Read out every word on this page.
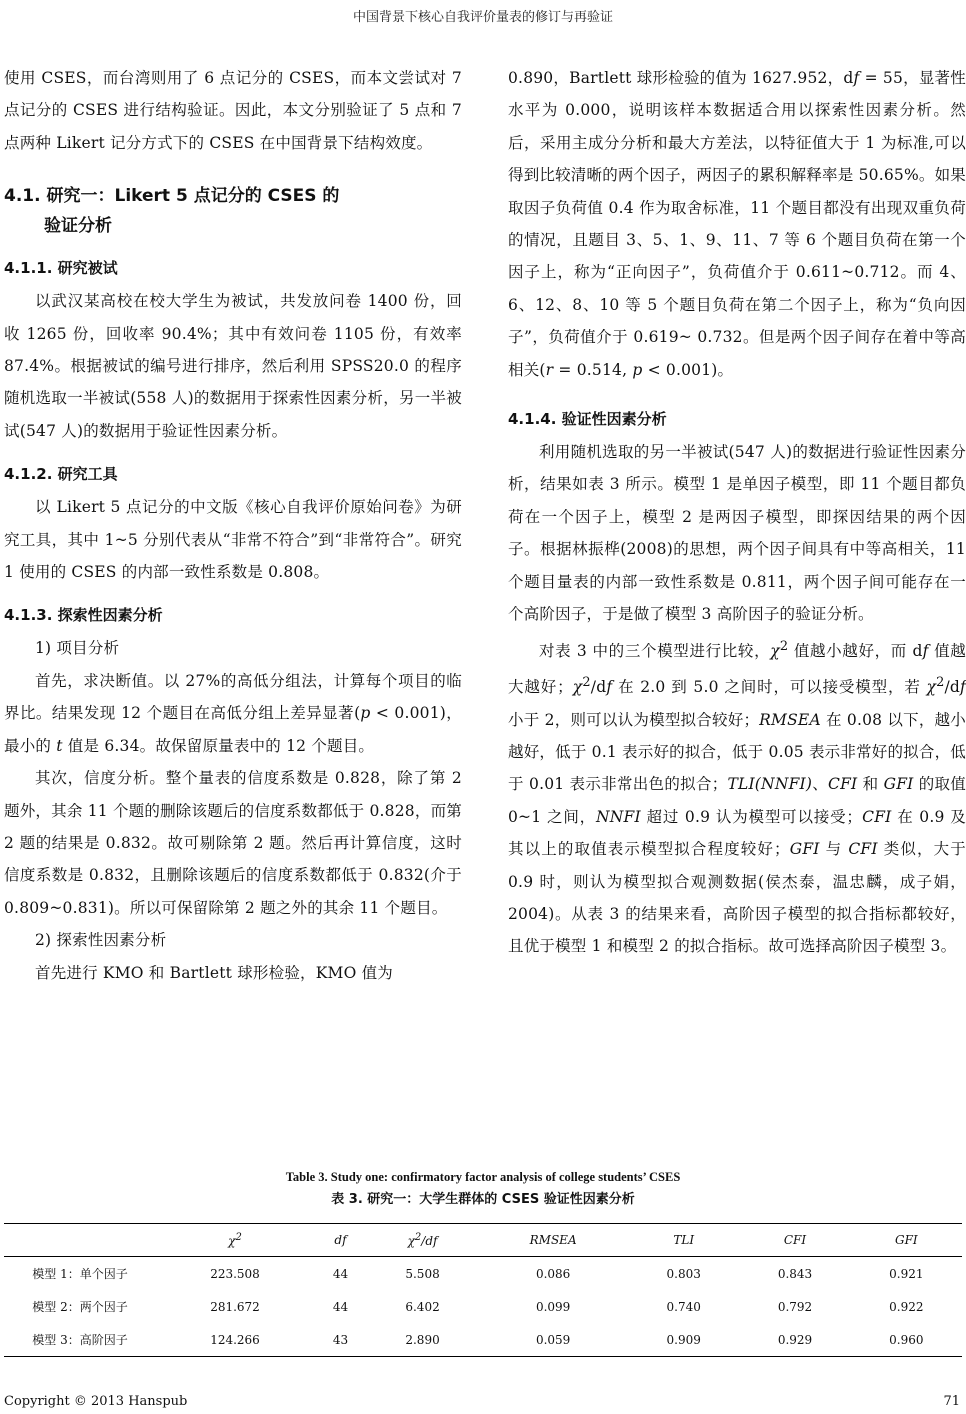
中国背景下核心自我评价量表的修订与再验证

使用 CSES，而台湾则用了 6 点记分的 CSES，而本文尝试对 7 点记分的 CSES 进行结构验证。因此，本文分别验证了 5 点和 7 点两种 Likert 记分方式下的 CSES 在中国背景下结构效度。

4.1. 研究一：Likert 5 点记分的 CSES 的
验证分析
4.1.1. 研究被试

以武汉某高校在校大学生为被试，共发放问卷 1400 份，回收 1265 份，回收率 90.4%；其中有效问卷 1105 份，有效率 87.4%。根据被试的编号进行排序，然后利用 SPSS20.0 的程序随机选取一半被试(558 人)的数据用于探索性因素分析，另一半被试(547 人)的数据用于验证性因素分析。

4.1.2. 研究工具

以 Likert 5 点记分的中文版《核心自我评价原始问卷》为研究工具，其中 1~5 分别代表从“非常不符合”到“非常符合”。研究 1 使用的 CSES 的内部一致性系数是 0.808。

4.1.3. 探索性因素分析

1) 项目分析

首先，求决断值。以 27%的高低分组法，计算每个项目的临界比。结果发现 12 个题目在高低分组上差异显著(p < 0.001)，最小的 t 值是 6.34。故保留原量表中的 12 个题目。

其次，信度分析。整个量表的信度系数是 0.828，除了第 2 题外，其余 11 个题的删除该题后的信度系数都低于 0.828，而第 2 题的结果是 0.832。故可剔除第 2 题。然后再计算信度，这时信度系数是 0.832，且删除该题后的信度系数都低于 0.832(介于 0.809~0.831)。所以可保留除第 2 题之外的其余 11 个题目。

2) 探索性因素分析

首先进行 KMO 和 Bartlett 球形检验，KMO 值为

0.890，Bartlett 球形检验的值为 1627.952，df = 55，显著性水平为 0.000，说明该样本数据适合用以探索性因素分析。然后，采用主成分分析和最大方差法，以特征值大于 1 为标准,可以得到比较清晰的两个因子，两因子的累积解释率是 50.65%。如果取因子负荷值 0.4 作为取舍标准，11 个题目都没有出现双重负荷的情况，且题目 3、5、1、9、11、7 等 6 个题目负荷在第一个因子上，称为“正向因子”，负荷值介于 0.611~0.712。而 4、6、12、8、10 等 5 个题目负荷在第二个因子上，称为“负向因子”，负荷值介于 0.619~ 0.732。但是两个因子间存在着中等高相关(r = 0.514, p < 0.001)。

4.1.4. 验证性因素分析

利用随机选取的另一半被试(547 人)的数据进行验证性因素分析，结果如表 3 所示。模型 1 是单因子模型，即 11 个题目都负荷在一个因子上，模型 2 是两因子模型，即探因结果的两个因子。根据林振桦(2008)的思想，两个因子间具有中等高相关，11 个题目量表的内部一致性系数是 0.811，两个因子间可能存在一个高阶因子，于是做了模型 3 高阶因子的验证分析。

对表 3 中的三个模型进行比较，$\chi^2$ 值越小越好，而 df 值越大越好；$\chi^2/df$ 在 2.0 到 5.0 之间时，可以接受模型，若 $\chi^2/df$ 小于 2，则可以认为模型拟合较好；RMSEA 在 0.08 以下，越小越好，低于 0.1 表示好的拟合，低于 0.05 表示非常好的拟合，低于 0.01 表示非常出色的拟合；TLI(NNFI)、CFI 和 GFI 的取值 0~1 之间，NNFI 超过 0.9 认为模型可以接受；CFI 在 0.9 及其以上的取值表示模型拟合程度较好；GFI 与 CFI 类似，大于 0.9 时，则认为模型拟合观测数据(侯杰泰，温忠麟，成子娟，2004)。从表 3 的结果来看，高阶因子模型的拟合指标都较好，且优于模型 1 和模型 2 的拟合指标。故可选择高阶因子模型 3。

Table 3. Study one: confirmatory factor analysis of college students’ CSES
表 3. 研究一：大学生群体的 CSES 验证性因素分析
	$\chi^2$	df	$\chi^2/df$	RMSEA	TLI	CFI	GFI
模型 1：单个因子	223.508	44	5.508	0.086	0.803	0.843	0.921
模型 2：两个因子	281.672	44	6.402	0.099	0.740	0.792	0.922
模型 3：高阶因子	124.266	43	2.890	0.059	0.909	0.929	0.960
Copyright © 2013 Hanspub	71
